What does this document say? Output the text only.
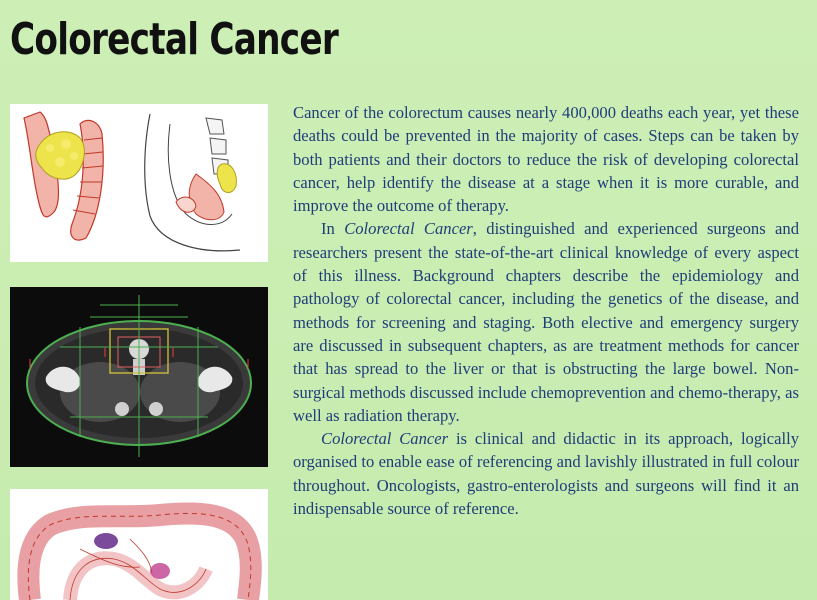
Colorectal Cancer

Cancer of the colorectum causes nearly 400,000 deaths each year, yet these deaths could be prevented in the majority of cases. Steps can be taken by both patients and their doctors to reduce the risk of developing colorectal cancer, help identify the disease at a stage when it is more curable, and improve the outcome of therapy.

In Colorectal Cancer, distinguished and experienced surgeons and researchers present the state-of-the-art clinical knowledge of every aspect of this illness. Background chapters describe the epidemiology and pathology of colorectal cancer, including the genetics of the disease, and methods for screening and staging. Both elective and emergency surgery are discussed in subsequent chapters, as are treatment methods for cancer that has spread to the liver or that is obstructing the large bowel. Non-surgical methods discussed include chemoprevention and chemo-therapy, as well as radiation therapy.

Colorectal Cancer is clinical and didactic in its approach, logically organised to enable ease of referencing and lavishly illustrated in full colour throughout. Oncologists, gastro-enterologists and surgeons will find it an indispensable source of reference.
